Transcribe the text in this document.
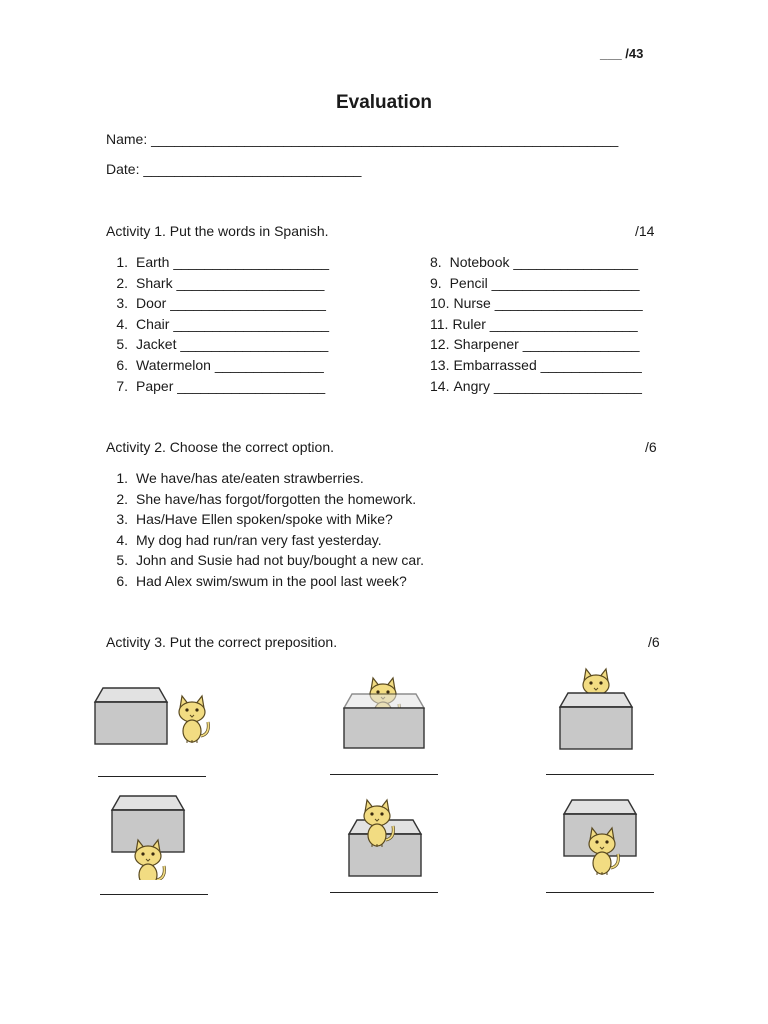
___ /43
Evaluation
Name: ____________________________________________________________
Date: ____________________________
Activity 1. Put the words in Spanish.	/14
1. Earth ____________________
2. Shark ___________________
3. Door ____________________
4. Chair ____________________
5. Jacket ___________________
6. Watermelon ______________
7. Paper ___________________
8. Notebook ________________
9. Pencil ___________________
10. Nurse ___________________
11. Ruler ___________________
12. Sharpener _______________
13. Embarrassed _____________
14. Angry ___________________
Activity 2. Choose the correct option.	/6
1. We have/has ate/eaten strawberries.
2. She have/has forgot/forgotten the homework.
3. Has/Have Ellen spoken/spoke with Mike?
4. My dog had run/ran very fast yesterday.
5. John and Susie had not buy/bought a new car.
6. Had Alex swim/swum in the pool last week?
Activity 3. Put the correct preposition.	/6
